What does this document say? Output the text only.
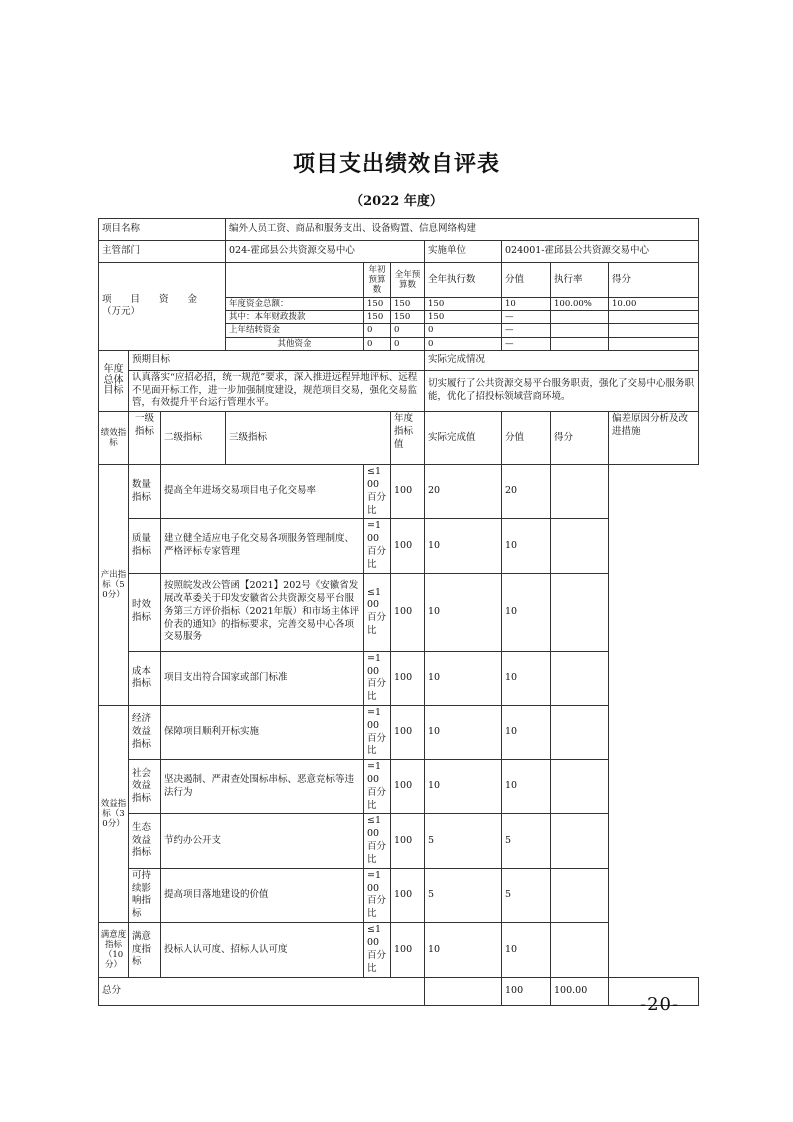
项目支出绩效自评表
（2022 年度）
项目名称			编外人员工资、商品和服务支出、设备购置、信息网络构建						
主管部门			024-霍邱县公共资源交易中心			实施单位	024001-霍邱县公共资源交易中心		

项　　目　　资　　金
（万元）				年初预算数	全年预算数	全年执行数	分值	执行率	得分
			年度资金总额：	150	150	150	10	100.00%	10.00
			其中：本年财政拨款	150	150	150	—		
			上年结转资金	0	0	0	—		
			其他资金	0	0	0	—		
年度总体目标	预期目标					实际完成情况			
	认真落实“应招必招，统一规范”要求，深入推进远程异地评标、远程不见面开标工作，进一步加强制度建设，规范项目交易，强化交易监管，有效提升平台运行管理水平。					切实履行了公共资源交易平台服务职责，强化了交易中心服务职能，优化了招投标领域营商环境。			
绩效指标	一级指标	二级指标	三级指标		年度指标值	实际完成值	分值	得分	偏差原因分析及改进措施
产出指标（50分）	数量指标	提高全年进场交易项目电子化交易率		≤100百分比	100	20	20		
	质量指标	建立健全适应电子化交易各项服务管理制度、严格评标专家管理		=100百分比	100	10	10		
	时效指标	按照皖发改公管函【2021】202号《安徽省发展改革委关于印发安徽省公共资源交易平台服务第三方评价指标（2021年版）和市场主体评价表的通知》的指标要求，完善交易中心各项交易服务		≤100百分比	100	10	10		
	成本指标	项目支出符合国家或部门标准		=100百分比	100	10	10		
效益指标（30分）	经济效益指标	保障项目顺利开标实施		=100百分比	100	10	10		
	社会效益指标	坚决遏制、严肃查处围标串标、恶意竞标等违法行为		=100百分比	100	10	10		
	生态效益指标	节约办公开支		≤100百分比	100	5	5		
	可持续影响指标	提高项目落地建设的价值		=100百分比	100	5	5		
满意度指标（10分）	满意度指标	投标人认可度、招标人认可度		≤100百分比	100	10	10		
总分							100	100.00	
-20-
